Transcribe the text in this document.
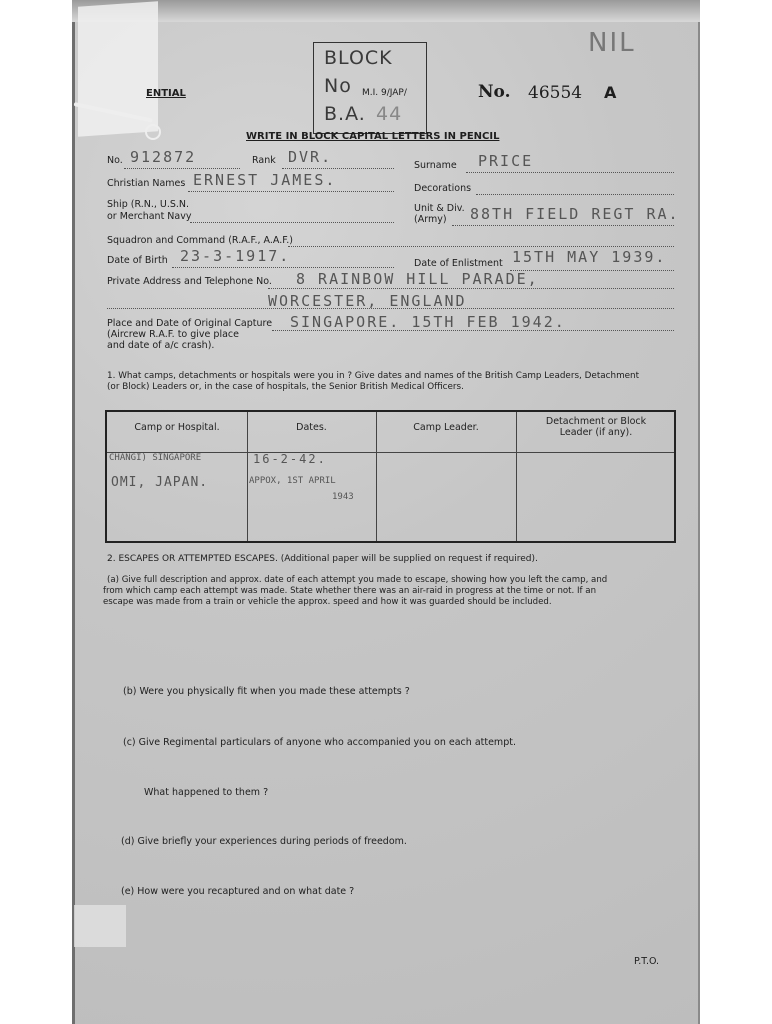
ENTIAL
BLOCK
No
B.A. 44
M.I. 9/JAP/	No. 46554 A
NIL
WRITE IN BLOCK CAPITAL LETTERS IN PENCIL
No. 912872	Rank DVR.	Surname PRICE
Christian Names ERNEST JAMES.	Decorations
Ship (R.N., U.S.N.
or Merchant Navy
Unit & Div.
(Army) 88TH FIELD REGT RA.
Squadron and Command (R.A.F., A.A.F.)
Date of Birth 23-3-1917.	Date of Enlistment 15TH MAY 1939.
Private Address and Telephone No. 8 RAINBOW HILL PARADE,
WORCESTER, ENGLAND
Place and Date of Original Capture
(Aircrew R.A.F. to give place
and date of a/c crash).
SINGAPORE. 15TH FEB 1942.
1. What camps, detachments or hospitals were you in ? Give dates and names of the British Camp Leaders, Detachment
(or Block) Leaders or, in the case of hospitals, the Senior British Medical Officers.
Camp or Hospital.	Dates.	Camp Leader.
Detachment or Block
Leader (if any).
CHANGI) SINGAPORE	16-2-42.
OMI, JAPAN.	APPOX, 1ST APRIL
1943
2. ESCAPES OR ATTEMPTED ESCAPES. (Additional paper will be supplied on request if required).
(a) Give full description and approx. date of each attempt you made to escape, showing how you left the camp, and
from which camp each attempt was made. State whether there was an air-raid in progress at the time or not. If an
escape was made from a train or vehicle the approx. speed and how it was guarded should be included.
(b) Were you physically fit when you made these attempts ?
(c) Give Regimental particulars of anyone who accompanied you on each attempt.
What happened to them ?
(d) Give briefly your experiences during periods of freedom.
(e) How were you recaptured and on what date ?
P.T.O.
